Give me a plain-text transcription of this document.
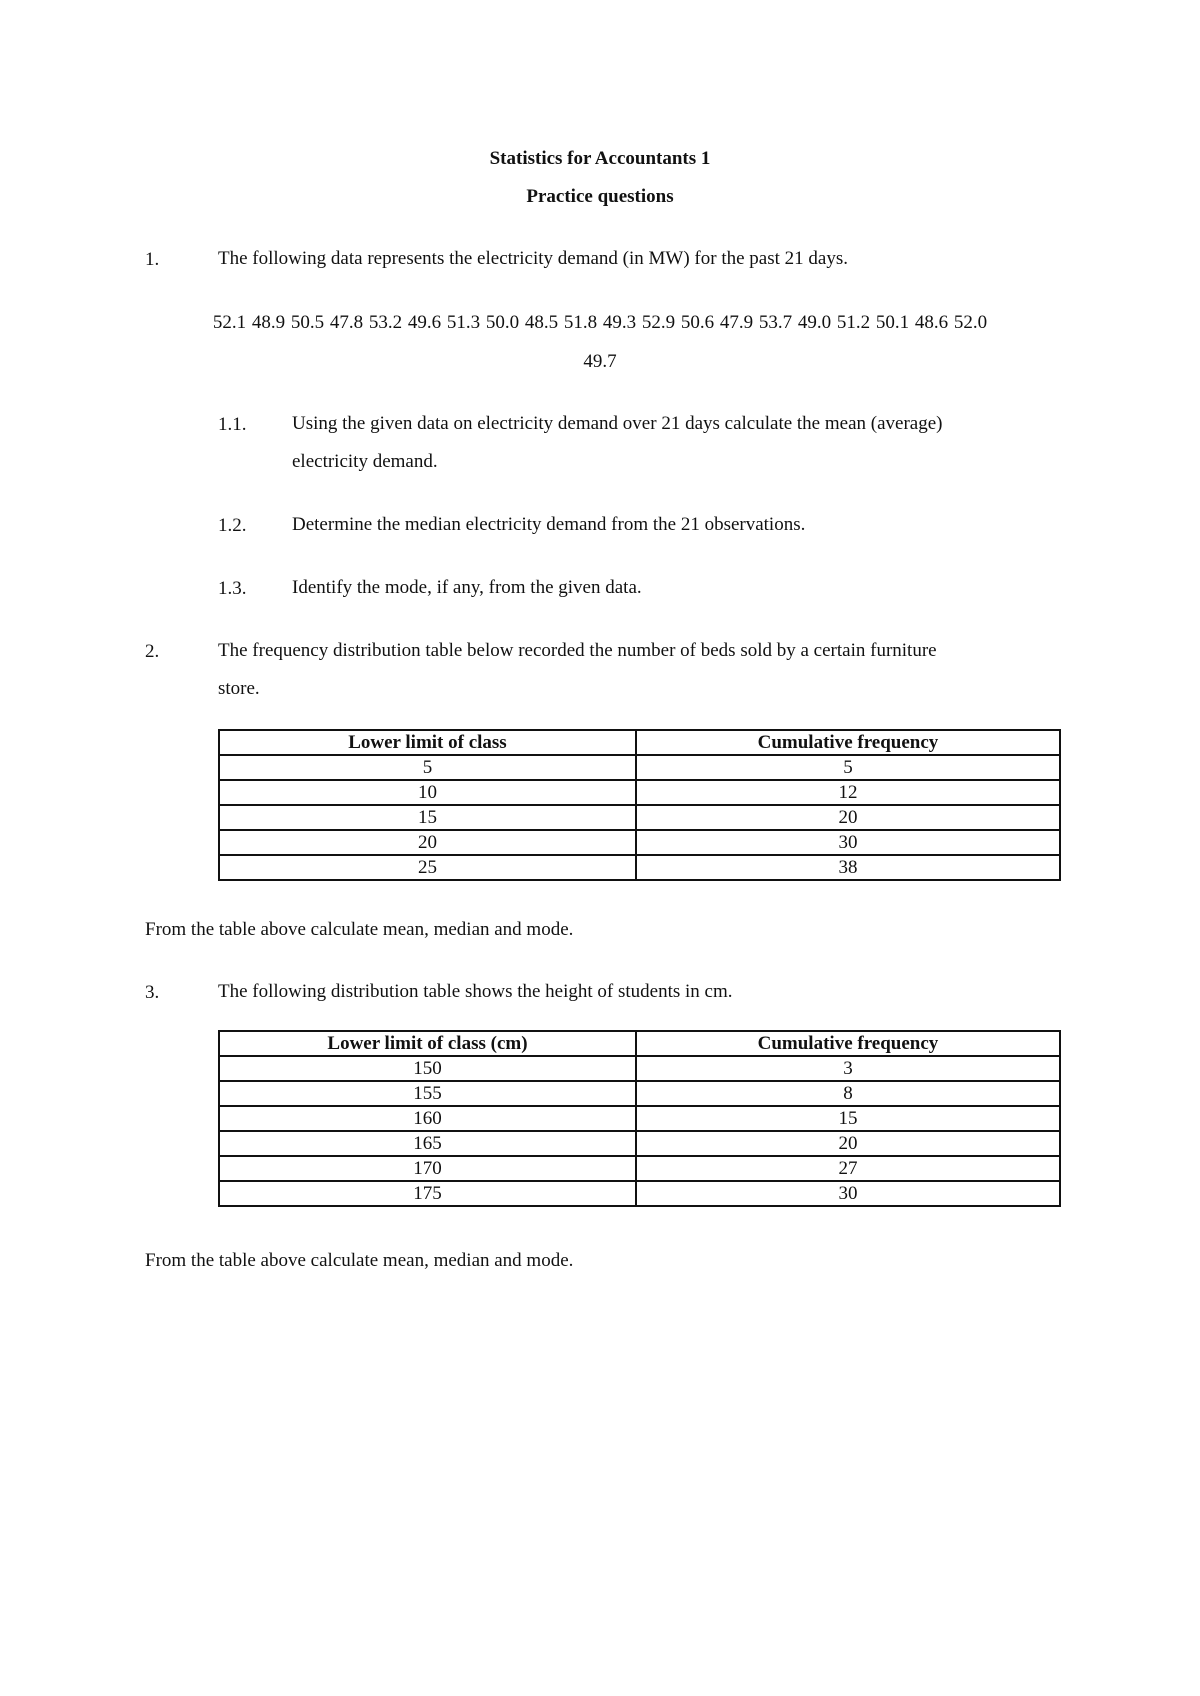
Statistics for Accountants 1
Practice questions
1.	The following data represents the electricity demand (in MW) for the past 21 days.
52.1 48.9 50.5 47.8 53.2 49.6 51.3 50.0 48.5 51.8 49.3 52.9 50.6 47.9 53.7 49.0 51.2 50.1 48.6 52.0
49.7
1.1. Using the given data on electricity demand over 21 days calculate the mean (average)
electricity demand.
1.2. Determine the median electricity demand from the 21 observations.
1.3. Identify the mode, if any, from the given data.
2.	The frequency distribution table below recorded the number of beds sold by a certain furniture
store.
Lower limit of class	Cumulative frequency
5	5
10	12
15	20
20	30
25	38
From the table above calculate mean, median and mode.
3.	The following distribution table shows the height of students in cm.
Lower limit of class (cm)	Cumulative frequency
150	3
155	8
160	15
165	20
170	27
175	30
From the table above calculate mean, median and mode.
